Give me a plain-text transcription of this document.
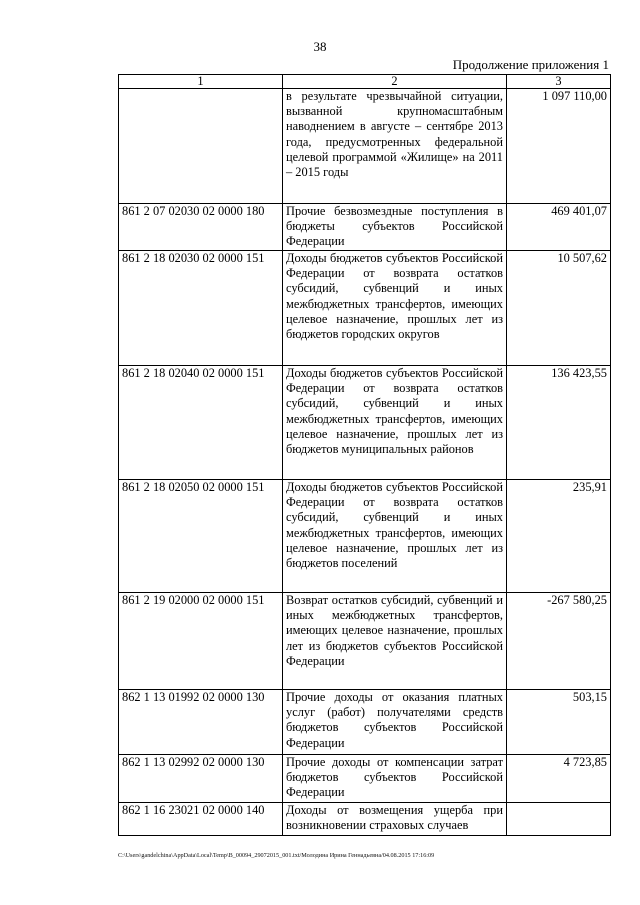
38
Продолжение приложения 1
1	2	3
	в результате чрезвычайной ситуации, вызванной крупномасштабным наводнением в августе – сентябре 2013 года, предусмотренных федеральной целевой программой «Жилище» на 2011 – 2015 годы	1 097 110,00
861 2 07 02030 02 0000 180	Прочие безвозмездные поступления в бюджеты субъектов Российской Федерации	469 401,07
861 2 18 02030 02 0000 151	Доходы бюджетов субъектов Российской Федерации от возврата остатков субсидий, субвенций и иных межбюджетных трансфертов, имеющих целевое назначение, прошлых лет из бюджетов городских округов	10 507,62
861 2 18 02040 02 0000 151	Доходы бюджетов субъектов Российской Федерации от возврата остатков субсидий, субвенций и иных межбюджетных трансфертов, имеющих целевое назначение, прошлых лет из бюджетов муниципальных районов	136 423,55
861 2 18 02050 02 0000 151	Доходы бюджетов субъектов Российской Федерации от возврата остатков субсидий, субвенций и иных межбюджетных трансфертов, имеющих целевое назначение, прошлых лет из бюджетов поселений	235,91
861 2 19 02000 02 0000 151	Возврат остатков субсидий, субвенций и иных межбюджетных трансфертов, имеющих целевое назначение, прошлых лет из бюджетов субъектов Российской Федерации	-267 580,25
862 1 13 01992 02 0000 130	Прочие доходы от оказания платных услуг (работ) получателями средств бюджетов субъектов Российской Федерации	503,15
862 1 13 02992 02 0000 130	Прочие доходы от компенсации затрат бюджетов субъектов Российской Федерации	4 723,85
862 1 16 23021 02 0000 140	Доходы от возмещения ущерба при возникновении страховых случаев	
C:\Users\gandelchina\AppData\Local\Temp\B_00094_29072015_001.txt/Молодина Ирина Геннадьевна/04.08.2015 17:16:09
